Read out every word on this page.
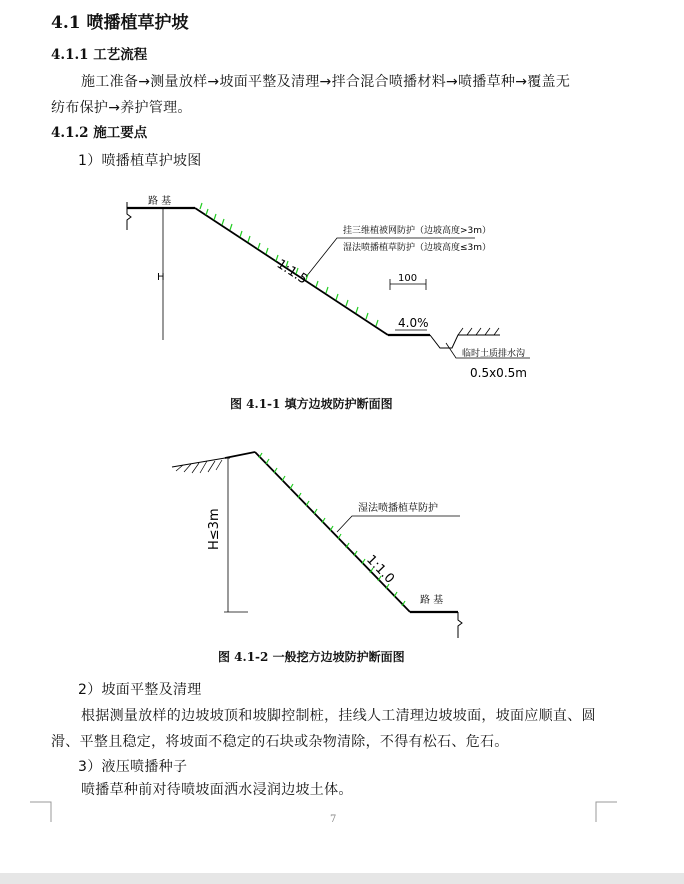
4.1 喷播植草护坡
4.1.1 工艺流程
施工准备→测量放样→坡面平整及清理→拌合混合喷播材料→喷播草种→覆盖无
纺布保护→养护管理。
4.1.2 施工要点
1）喷播植草护坡图
路 基
H	1:1.5
挂三维植被网防护（边坡高度>3m）
湿法喷播植草防护（边坡高度≤3m）
100
4.0%
临时土质排水沟
0.5x0.5m
图 4.1-1 填方边坡防护断面图
H≤3m	湿法喷播植草防护
1:1.0
路 基
图 4.1-2 一般挖方边坡防护断面图
2）坡面平整及清理
根据测量放样的边坡坡顶和坡脚控制桩，挂线人工清理边坡坡面，坡面应顺直、圆
滑、平整且稳定，将坡面不稳定的石块或杂物清除，不得有松石、危石。
3）液压喷播种子
喷播草种前对待喷坡面洒水浸润边坡土体。
7
